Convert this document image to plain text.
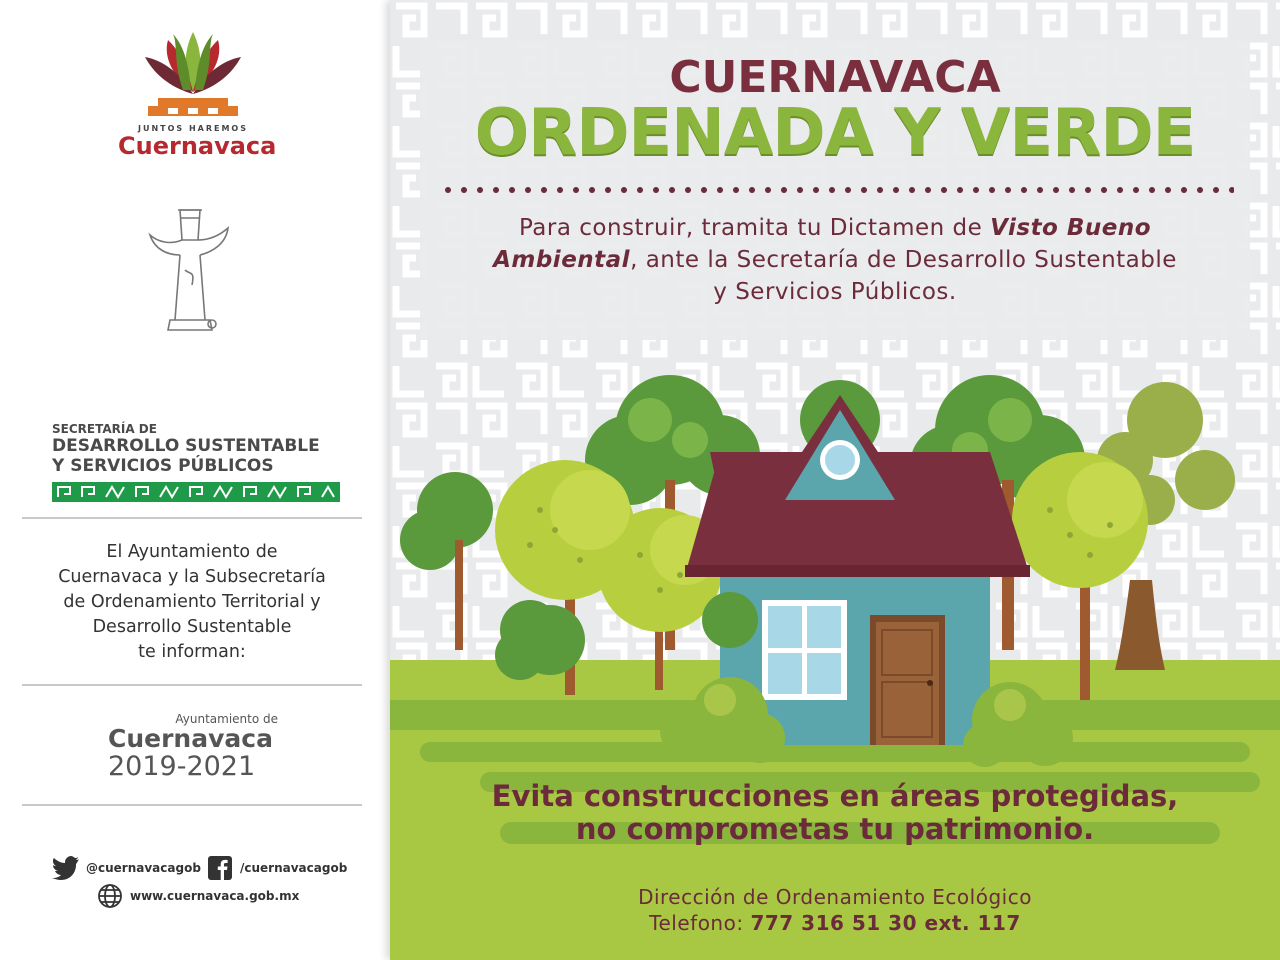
JUNTOS HAREMOS
Cuernavaca
SECRETARÍA DE
DESARROLLO SUSTENTABLE
Y SERVICIOS PÚBLICOS
El Ayuntamiento de
Cuernavaca y la Subsecretaría
de Ordenamiento Territorial y
Desarrollo Sustentable
te informan:
Ayuntamiento de
Cuernavaca
2019-2021
@cuernavacagob	/cuernavacagob
www.cuernavaca.gob.mx
CUERNAVACA
ORDENADA Y VERDE
Para construir, tramita tu Dictamen de Visto Bueno
Ambiental, ante la Secretaría de Desarrollo Sustentable
y Servicios Públicos.
Evita construcciones en áreas protegidas,
no comprometas tu patrimonio.
Dirección de Ordenamiento Ecológico
Telefono: 777 316 51 30 ext. 117
